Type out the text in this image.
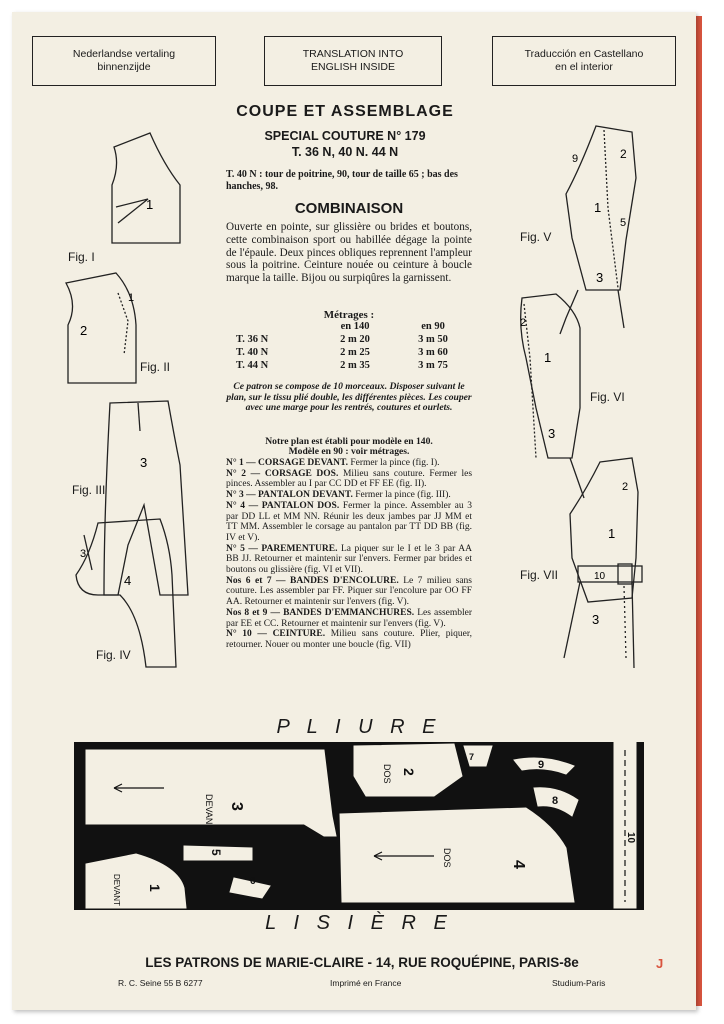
Nederlandse vertaling
binnenzijde
TRANSLATION INTO
ENGLISH INSIDE
Traducción en Castellano
en el interior
COUPE ET ASSEMBLAGE
SPECIAL COUTURE N° 179
T. 36 N, 40 N. 44 N
T. 40 N : tour de poitrine, 90, tour de taille 65 ; bas des hanches, 98.
COMBINAISON
Ouverte en pointe, sur glissière ou brides et boutons, cette combinaison sport ou habillée dégage la pointe de l'épaule. Deux pinces obliques reprennent l'ampleur sous la poitrine. Ceinture nouée ou ceinture à boucle marque la taille. Bijou ou surpiqûres la garnissent.
Métrages :
	en 140	en 90
T. 36 N	2 m 20	3 m 50
T. 40 N	2 m 25	3 m 60
T. 44 N	2 m 35	3 m 75
Ce patron se compose de 10 morceaux. Disposer suivant le plan, sur le tissu plié double, les différentes pièces. Les couper avec une marge pour les rentrés, coutures et ourlets.
Notre plan est établi pour modèle en 140.
Modèle en 90 : voir métrages.

N° 1 — CORSAGE DEVANT. Fermer la pince (fig. I).

N° 2 — CORSAGE DOS. Milieu sans couture. Fermer les pinces. Assembler au I par CC DD et FF EE (fig. II).

N° 3 — PANTALON DEVANT. Fermer la pince (fig. III).

N° 4 — PANTALON DOS. Fermer la pince. Assembler au 3 par DD LL et MM NN. Réunir les deux jambes par JJ MM et TT MM. Assembler le corsage au pantalon par TT DD BB (fig. IV et V).

N° 5 — PAREMENTURE. La piquer sur le I et le 3 par AA BB JJ. Retourner et maintenir sur l'envers. Fermer par brides et boutons ou glissière (fig. VI et VII).

Nos 6 et 7 — BANDES D'ENCOLURE. Le 7 milieu sans couture. Les assembler par FF. Piquer sur l'encolure par OO FF AA. Retourner et maintenir sur l'envers (fig. V).

Nos 8 et 9 — BANDES D'EMMANCHURES. Les assembler par EE et CC. Retourner et maintenir sur l'envers (fig. V).

N° 10 — CEINTURE. Milieu sans couture. Plier, piquer, retourner. Nouer ou monter une boucle (fig. VII)

1
2
1
Fig. I
Fig. II
3
4
3
Fig. III
Fig. IV
1
3
2
9
5
1
2
3
1
2
10
3
Fig. V
Fig. VI
Fig. VII
P L I U R E
DEVANT 3
DOS 2
DOS	4
DEVANT 1
5
6
7
9
8
10
L I S I È R E
LES PATRONS DE MARIE-CLAIRE - 14, RUE ROQUÉPINE, PARIS-8e	J
R. C. Seine 55 B 6277	Imprimé en France	Studium-Paris
